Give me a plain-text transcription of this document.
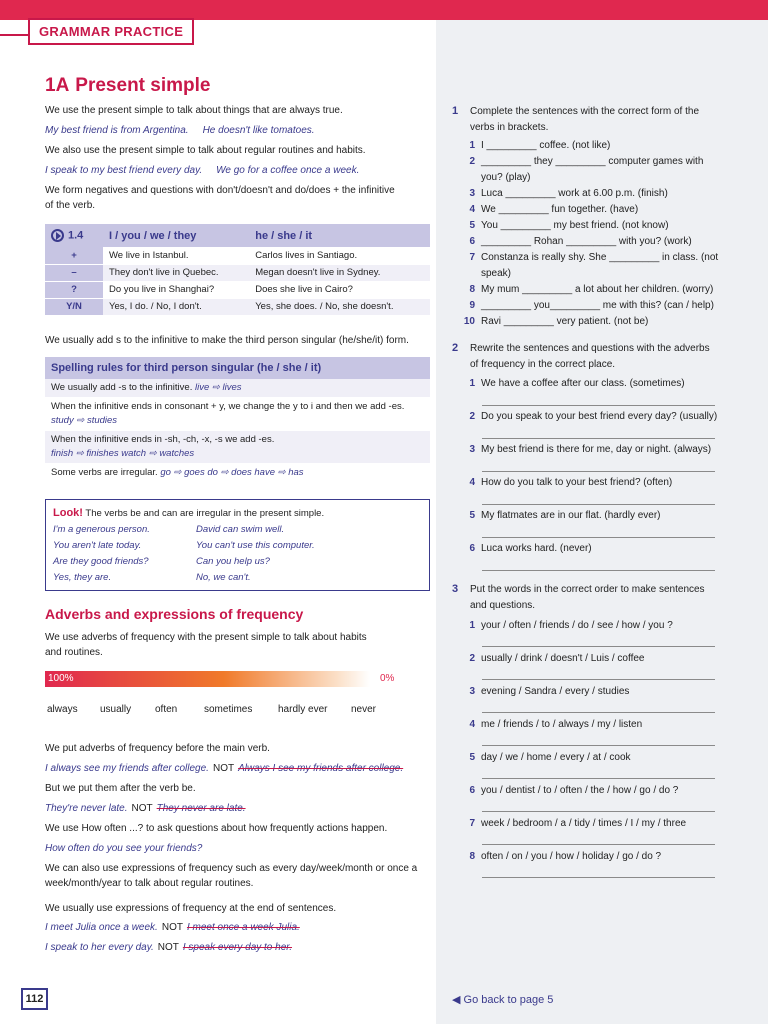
GRAMMAR PRACTICE
1A Present simple
We use the present simple to talk about things that are always true.
My best friend is from Argentina. He doesn't like tomatoes.
We also use the present simple to talk about regular routines and habits.
I speak to my best friend every day. We go for a coffee once a week.
We form negatives and questions with don't/doesn't and do/does + the infinitive
of the verb.
1.4	I / you / we / they	he / she / it
+	We live in Istanbul.	Carlos lives in Santiago.
–	They don't live in Quebec.	Megan doesn't live in Sydney.
?	Do you live in Shanghai?	Does she live in Cairo?
Y/N	Yes, I do. / No, I don't.	Yes, she does. / No, she doesn't.
We usually add s to the infinitive to make the third person singular (he/she/it) form.
Spelling rules for third person singular (he / she / it)
We usually add -s to the infinitive. live ⇨ lives
When the infinitive ends in consonant + y, we change the y to i and then we add -es.
study ⇨ studies
When the infinitive ends in -sh, -ch, -x, -s we add -es.
finish ⇨ finishes watch ⇨ watches
Some verbs are irregular. go ⇨ goes do ⇨ does have ⇨ has
Look! The verbs be and can are irregular in the present simple.
I'm a generous person.	David can swim well.
You aren't late today.	You can't use this computer.
Are they good friends?	Can you help us?
Yes, they are.	No, we can't.
Adverbs and expressions of frequency
We use adverbs of frequency with the present simple to talk about habits
and routines.
100%	0%
always usually often	sometimes	hardly ever never
We put adverbs of frequency before the main verb.
I always see my friends after college. NOT Always I see my friends after college.
But we put them after the verb be.
They're never late. NOT They never are late.
We use How often ...? to ask questions about how frequently actions happen.
How often do you see your friends?
We can also use expressions of frequency such as every day/week/month or once a
week/month/year to talk about regular routines.
We usually use expressions of frequency at the end of sentences.
I meet Julia once a week. NOT I meet once a week Julia.
I speak to her every day. NOT I speak every day to her.
112
1 Complete the sentences with the correct form of the
verbs in brackets.
1 I _________ coffee. (not like)
2 _________ they _________ computer games with
you? (play)
3 Luca _________ work at 6.00 p.m. (finish)
4 We _________ fun together. (have)
5 You _________ my best friend. (not know)
6 _________ Rohan _________ with you? (work)
7 Constanza is really shy. She _________ in class. (not
speak)
8 My mum _________ a lot about her children. (worry)
9 _________ you_________ me with this? (can / help)
10 Ravi _________ very patient. (not be)
2 Rewrite the sentences and questions with the adverbs
of frequency in the correct place.
1 We have a coffee after our class. (sometimes)
2 Do you speak to your best friend every day? (usually)
3 My best friend is there for me, day or night. (always)
4 How do you talk to your best friend? (often)
5 My flatmates are in our flat. (hardly ever)
6 Luca works hard. (never)
3 Put the words in the correct order to make sentences
and questions.
1 your / often / friends / do / see / how / you ?
2 usually / drink / doesn't / Luis / coffee
3 evening / Sandra / every / studies
4 me / friends / to / always / my / listen
5 day / we / home / every / at / cook
6 you / dentist / to / often / the / how / go / do ?
7 week / bedroom / a / tidy / times / I / my / three
8 often / on / you / how / holiday / go / do ?
◀ Go back to page 5
